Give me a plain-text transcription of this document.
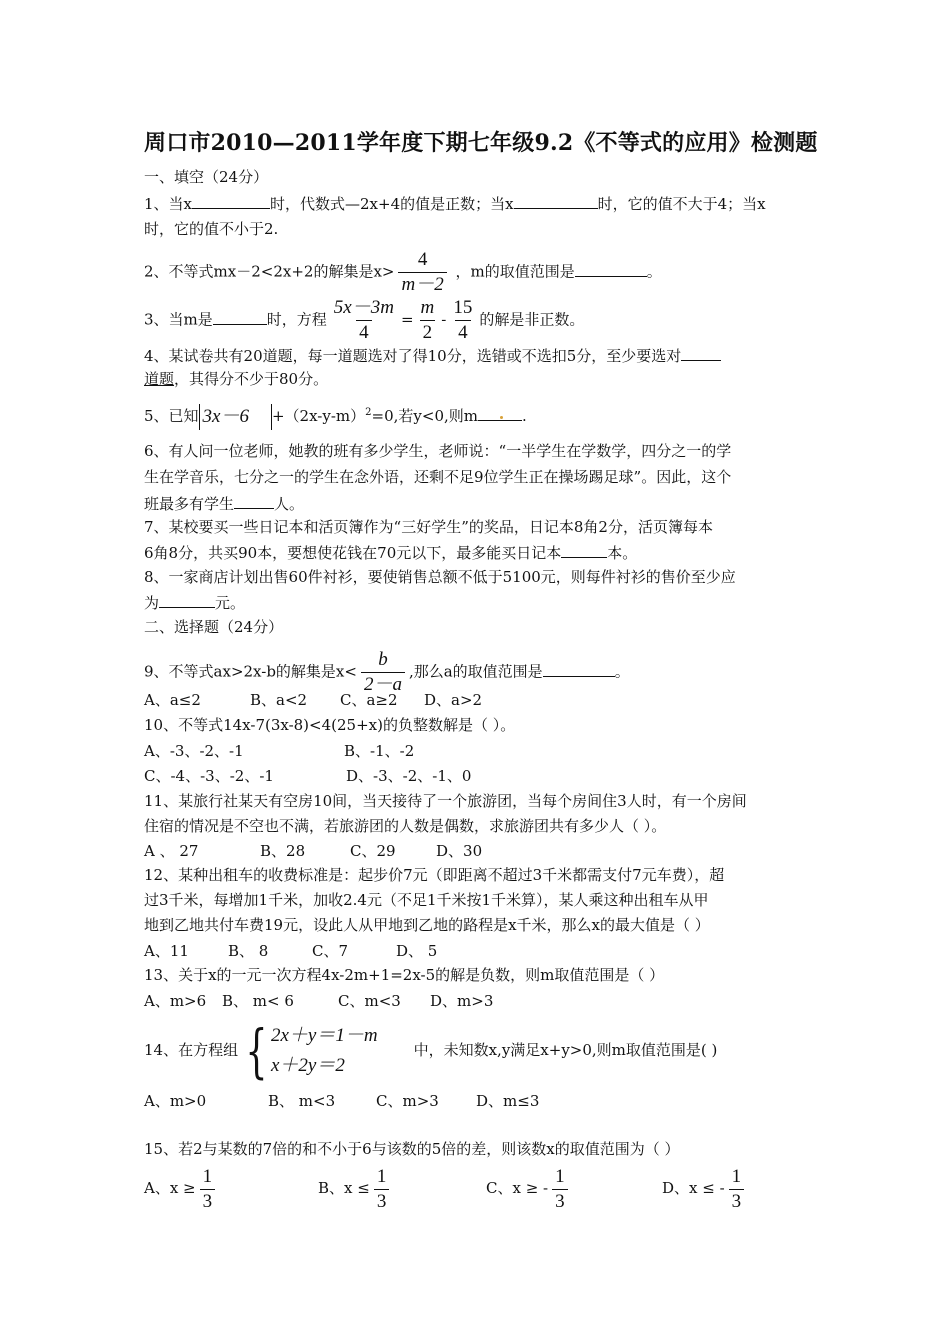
周口市2010—2011学年度下期七年级9.2《不等式的应用》检测题
一、填空（24分）
1、当x	时，代数式—2x+4的值是正数；当x	时，它的值不大于4；当x
时，它的值不小于2.
2、不等式mx－2<2x+2的解集是$x> \frac{4}{m-2}$ ，m的取值范围是	。
3、当m是	时，方程 $\frac{5x-3m}{4} = \frac{m}{2} - \frac{15}{4}$ 的解是非正数。
4、某试卷共有20道题，每一道题选对了得10分，选错或不选扣5分，至少要选对
道题，其得分不少于80分。
5、已知 $3x-6 +(2x-y-m)^2=0$,若y<0,则m	.
6、有人问一位老师，她教的班有多少学生，老师说：“一半学生在学数学，四分之一的学
生在学音乐，七分之一的学生在念外语，还剩不足9位学生正在操场踢足球”。因此，这个
班最多有学生	人。
7、某校要买一些日记本和活页簿作为“三好学生”的奖品，日记本8角2分，活页簿每本
6角8分，共买90本，要想使花钱在70元以下，最多能买日记本	本。
8、一家商店计划出售60件衬衫，要使销售总额不低于5100元，则每件衬衫的售价至少应
为	元。
二、选择题（24分）
9、不等式ax>2x-b的解集是$x< \frac{b}{2-a}$ ,那么a的取值范围是	。
A、a≤2	B、a<2 C、a≥2 D、a>2
10、不等式14x-7(3x-8)<4(25+x)的负整数解是（ ）。
A、-3、-2、-1	B、-1、-2
C、-4、-3、-2、-1	D、-3、-2、-1、0
11、某旅行社某天有空房10间，当天接待了一个旅游团，当每个房间住3人时，有一个房间
住宿的情况是不空也不满，若旅游团的人数是偶数，求旅游团共有多少人（ ）。
A 、 27	B、28	C、29	D、30
12、某种出租车的收费标准是：起步价7元（即距离不超过3千米都需支付7元车费），超
过3千米，每增加1千米，加收2.4元（不足1千米按1千米算），某人乘这种出租车从甲
地到乙地共付车费19元，设此人从甲地到乙地的路程是x千米，那么x的最大值是（ ）
A、11	B、 8	C、7	D、 5
13、关于x的一元一次方程4x-2m+1=2x-5的解是负数，则m取值范围是（ ）
A、m>6 B、 m< 6	C、m<3 D、m>3
14、在方程组 { 2x＋y＝1－m
x＋2y＝2
中，未知数x,y满足x+y>0,则m取值范围是( )
A、m>0	B、 m<3	C、m>3 D、m≤3
15、若2与某数的7倍的和不小于6与该数的5倍的差，则该数x的取值范围为（ ）
A、$x \ge \frac{1}{3}$	B、$x \le \frac{1}{3}$	C、x ≥ - $\frac{1}{3}$	D、x ≤ - $\frac{1}{3}$
